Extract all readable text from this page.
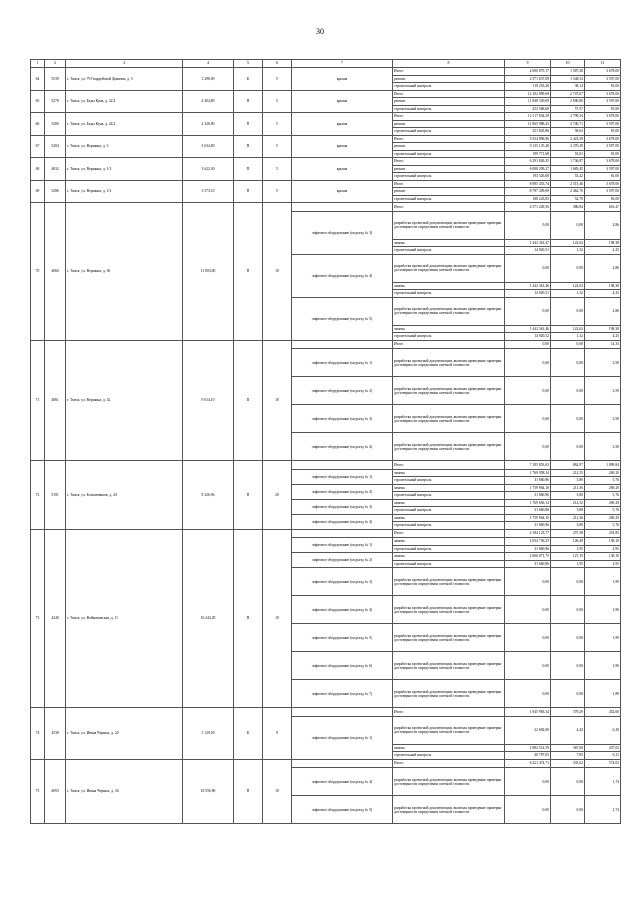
30
1	2	3	4	5	6	7	8	9	10	11
64	5539	г. Томск, ул. 79 Гвардейской Дивизии, д. 5	3 298,00	К	5	крыша	Итого	2 690 879,17	1 587,40	3 678,00
							ремонт	2 571 637,09	1 548,54	3 597,00
							строительный контроль	119 253,28	38,14	81,00
65	5278	г. Томск, ул. Беды Куна, д. 22/2	4 404,80	П	5	крыша	Итого	12 102 099,69	2 747,67	3 678,00
							ремонт	11 848 530,09	2 690,80	3 597,00
							строительный контроль	253 568,60	57,57	81,00
66	5280	г. Томск, ул. Беды Куна, д. 24/2	4 328,80	П	5	крыша	Итого	12 117 834,29	2 799,34	3 678,00
							ремонт	11 865 988,43	2 740,71	3 597,00
							строительный контроль	251 845,86	58,63	81,00
67	5284	г. Томск, ул. Вершина, д. 3	3 634,80	П	5	крыша	Итого	9 334 896,96	2 423,39	3 678,00
							ремонт	9 135 125,28	2 370,38	3 597,00
							строительный контроль	199 771,68	53,01	81,00
68	4032	г. Томск, ул. Вершина, д. 1/3	3 622,30	П	5	крыша	Итого	6 291 826,35	1 736,87	3 678,00
							ремонт	6 098 299,27	1 683,45	3 597,00
							строительный контроль	193 526,08	53,42	81,00
69	5286	г. Томск, ул. Вершина, д. 1/2	3 573,10	П	5	крыша	Итого	8 985 453,74	2 515,46	3 678,00
							ремонт	8 797 209,69	2 462,76	3 597,00
							строительный контроль	188 243,05	52,70	81,00
70	4060	г. Томск, ул. Вершина, д. 36	11 803,00	П	10		Итого	4 571 249,56	386,84	616,47
						лифтовое оборудование (подъезд № 3)	разработка проектной документации, включая проведение проверки достоверности определения сметной стоимости	0,00	0,00	2,86
							замена	1 442 361,47	122,63	198,38
							строительный контроль	14 920,51	1,32	4,25
						лифтовое оборудование (подъезд № 4)	разработка проектной документации, включая проведение проверки достоверности определения сметной стоимости	0,00	0,00	2,86
							замена	1 442 361,46	122,63	198,38
							строительный контроль	14 920,51	1,32	4,25
						лифтовое оборудование (подъезд № 5)	разработка проектной документации, включая проведение проверки достоверности определения сметной стоимости	0,00	0,00	2,86
							замена	1 442 361,46	122,62	198,38
							строительный контроль	14 920,52	1,32	4,25
71	4061	г. Томск, ул. Вершина, д. 32	9 014,10	П	10		Итого	0,00	0,00	14,33
						лифтовое оборудование (подъезд № 1)	разработка проектной документации, включая проведение проверки достоверности определения сметной стоимости	0,00	0,00	3,58
						лифтовое оборудование (подъезд № 2)	разработка проектной документации, включая проведение проверки достоверности определения сметной стоимости	0,00	0,00	3,59
						лифтовое оборудование (подъезд № 3)	разработка проектной документации, включая проведение проверки достоверности определения сметной стоимости	0,00	0,00	3,58
						лифтовое оборудование (подъезд № 4)	разработка проектной документации, включая проведение проверки достоверности определения сметной стоимости	0,00	0,00	3,58
72	5191	г. Томск, ул. Большевиков, д. 4/1	8 326,96	П	20		Итого	7 185 853,63	862,97	1 099,84
						лифтовое оборудование (подъезд № 1)	замена	1 769 958,34	212,55	269,29
							строительный контроль	31 660,86	3,80	5,76
						лифтовое оборудование (подъезд № 2)	замена	1 759 964,10	211,36	269,29
							строительный контроль	31 660,86	3,80	5,76
						лифтовое оборудование (подъезд № 3)	замена	1 769 656,14	212,52	269,29
							строительный контроль	31 660,86	3,80	5,76
						лифтовое оборудование (подъезд № 4)	замена	1 759 964,10	211,36	269,29
							строительный контроль	31 660,86	3,80	5,76
73	4240	г. Томск, ул. Войкомовская, д. 11	16 244,29	П	10		Итого	4 184 123,77	257,58	291,85
						лифтовое оборудование (подъезд № 1)	замена	2 054 736,33	126,49	138,10
							строительный контроль	31 660,86	1,95	2,95
						лифтовое оборудование (подъезд № 2)	замена	2 066 071,75	127,19	138,10
							строительный контроль	31 660,86	1,95	2,95
						лифтовое оборудование (подъезд № 3)	разработка проектной документации, включая проведение проверки достоверности определения сметной стоимости	0,00	0,00	1,99
						лифтовое оборудование (подъезд № 4)	разработка проектной документации, включая проведение проверки достоверности определения сметной стоимости	0,00	0,00	1,99
						лифтовое оборудование (подъезд № 5)	разработка проектной документации, включая проведение проверки достоверности определения сметной стоимости	0,00	0,00	1,99
						лифтовое оборудование (подъезд № 6)	разработка проектной документации, включая проведение проверки достоверности определения сметной стоимости	0,00	0,00	1,99
						лифтовое оборудование (подъезд № 7)	разработка проектной документации, включая проведение проверки достоверности определения сметной стоимости	0,00	0,00	1,89
74	4538	г. Томск, ул. Ивана Черных, д. 20	5 129,50	К	9		Итого	1 945 983,54	379,29	452,60
						лифтовое оборудование (подъезд № 1)	разработка проектной документации, включая проведение проверки достоверности определения сметной стоимости	22 682,00	4,42	6,29
							замена	1 882 514,59	367,00	437,02
							строительный контроль	40 787,05	7,85	9,31
75	4093	г. Томск, ул. Ивана Черных, д. 34	18 556,90	П	10		Итого	6 221 474,71	335,62	574,02
						лифтовое оборудование (подъезд № 4)	разработка проектной документации, включая проведение проверки достоверности определения сметной стоимости	0,00	0,00	1,74
						лифтовое оборудование (подъезд № 5)	разработка проектной документации, включая проведение проверки достоверности определения сметной стоимости	0,00	0,00	1,74
